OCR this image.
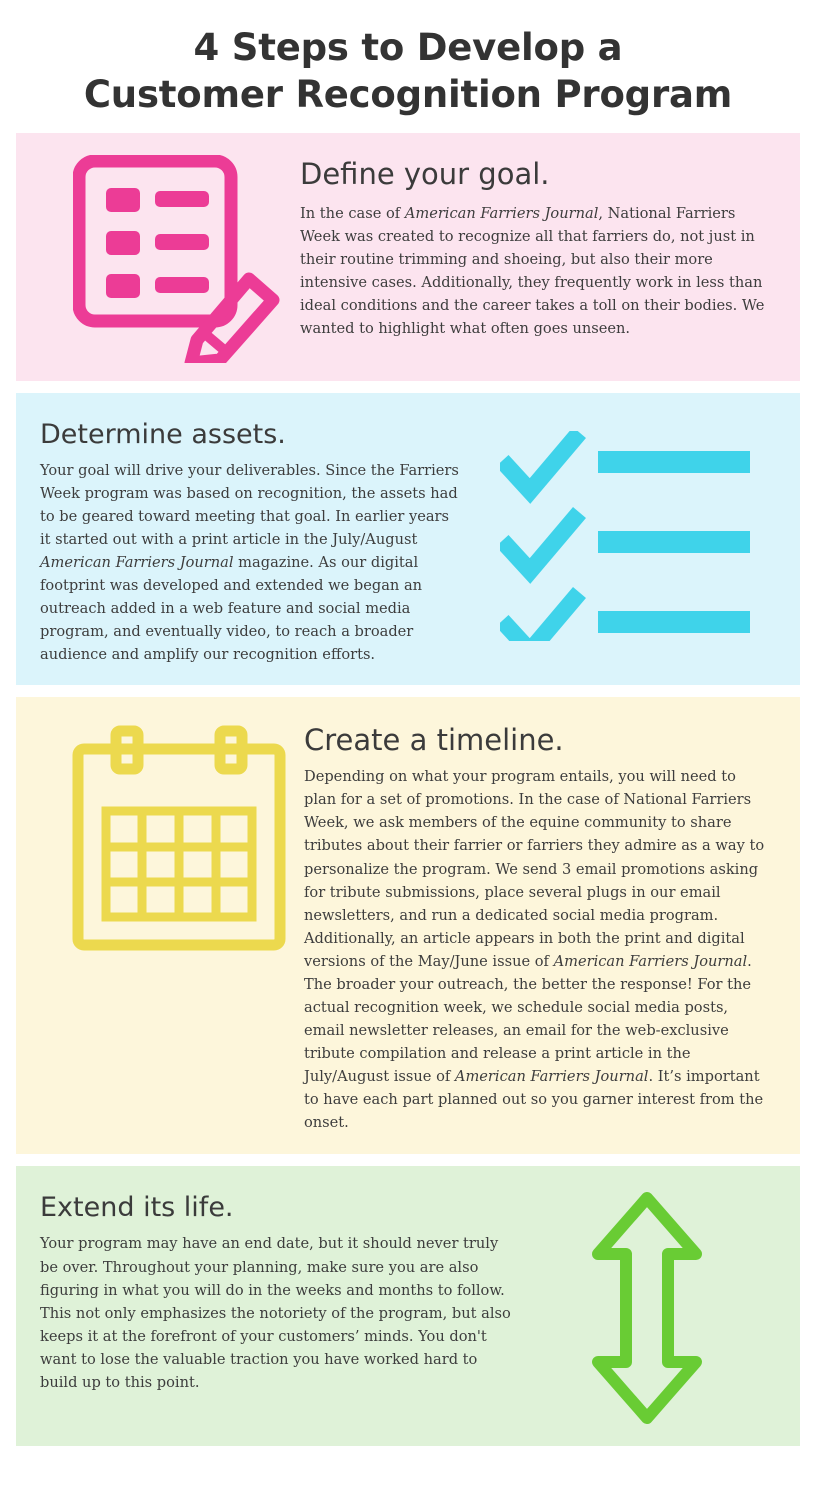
4 Steps to Develop a
Customer Recognition Program
Define your goal.
In the case of American Farriers Journal, National Farriers Week was created to recognize all that farriers do, not just in their routine trimming and shoeing, but also their more intensive cases. Additionally, they frequently work in less than ideal conditions and the career takes a toll on their bodies. We wanted to highlight what often goes unseen.
Determine assets.
Your goal will drive your deliverables. Since the Farriers Week program was based on recognition, the assets had to be geared toward meeting that goal. In earlier years it started out with a print article in the July/August American Farriers Journal magazine. As our digital footprint was developed and extended we began an outreach added in a web feature and social media program, and eventually video, to reach a broader audience and amplify our recognition efforts.
Create a timeline.
Depending on what your program entails, you will need to plan for a set of promotions. In the case of National Farriers Week, we ask members of the equine community to share tributes about their farrier or farriers they admire as a way to personalize the program. We send 3 email promotions asking for tribute submissions, place several plugs in our email newsletters, and run a dedicated social media program. Additionally, an article appears in both the print and digital versions of the May/June issue of American Farriers Journal. The broader your outreach, the better the response! For the actual recognition week, we schedule social media posts, email newsletter releases, an email for the web-exclusive tribute compilation and release a print article in the July/August issue of American Farriers Journal. It’s important to have each part planned out so you garner interest from the onset.
Extend its life.
Your program may have an end date, but it should never truly be over. Throughout your planning, make sure you are also figuring in what you will do in the weeks and months to follow. This not only emphasizes the notoriety of the program, but also keeps it at the forefront of your customers’ minds. You don't want to lose the valuable traction you have worked hard to build up to this point.
